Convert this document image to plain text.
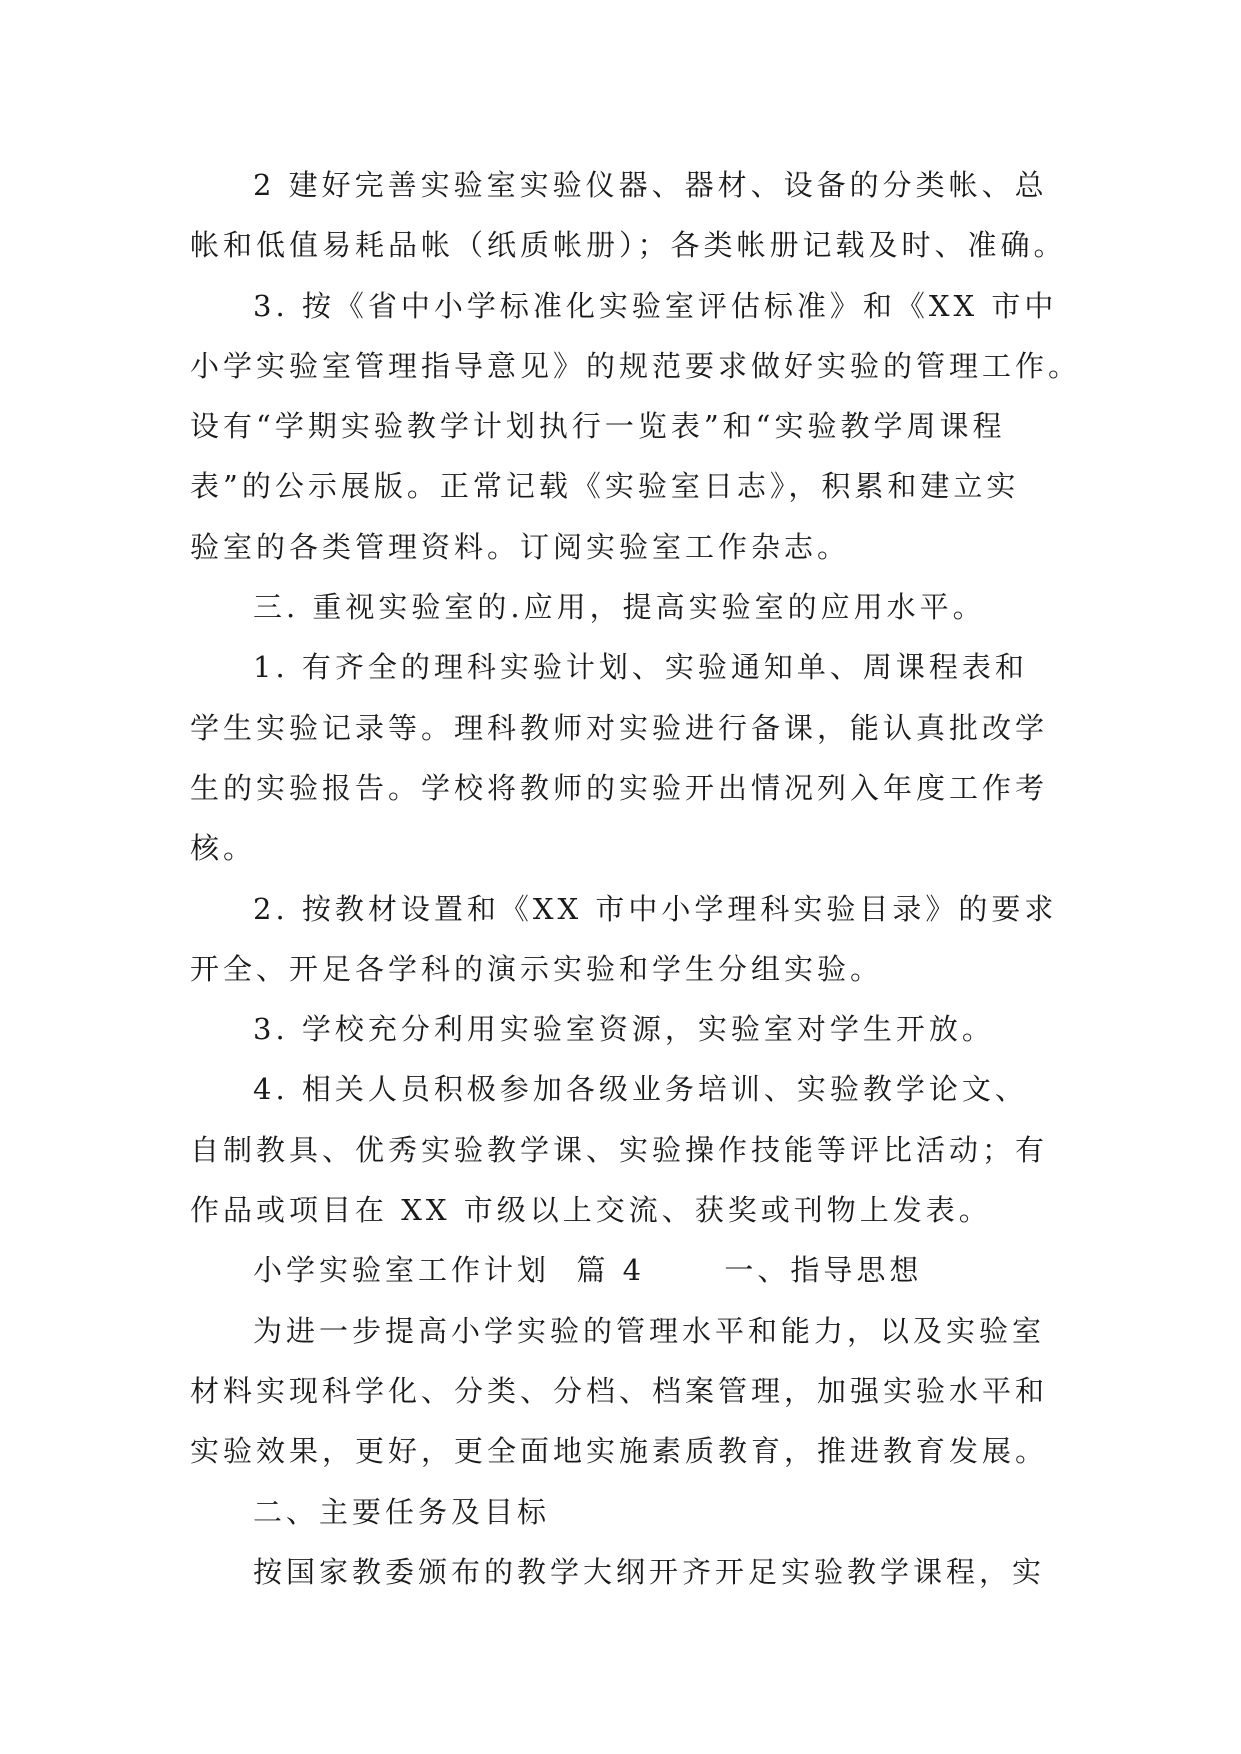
2 建好完善实验室实验仪器、器材、设备的分类帐、总
帐和低值易耗品帐（纸质帐册）；各类帐册记载及时、准确。
3. 按《省中小学标准化实验室评估标准》和《XX 市中
小学实验室管理指导意见》的规范要求做好实验的管理工作。
设有“学期实验教学计划执行一览表”和“实验教学周课程
表”的公示展版。正常记载《实验室日志》，积累和建立实
验室的各类管理资料。订阅实验室工作杂志。
三. 重视实验室的.应用，提高实验室的应用水平。
1. 有齐全的理科实验计划、实验通知单、周课程表和
学生实验记录等。理科教师对实验进行备课，能认真批改学
生的实验报告。学校将教师的实验开出情况列入年度工作考
核。
2. 按教材设置和《XX 市中小学理科实验目录》的要求
开全、开足各学科的演示实验和学生分组实验。
3. 学校充分利用实验室资源，实验室对学生开放。
4. 相关人员积极参加各级业务培训、实验教学论文、
自制教具、优秀实验教学课、实验操作技能等评比活动；有
作品或项目在 XX 市级以上交流、获奖或刊物上发表。
小学实验室工作计划  篇 4      一、指导思想
为进一步提高小学实验的管理水平和能力，以及实验室
材料实现科学化、分类、分档、档案管理，加强实验水平和
实验效果，更好，更全面地实施素质教育，推进教育发展。
二、主要任务及目标
按国家教委颁布的教学大纲开齐开足实验教学课程，实
